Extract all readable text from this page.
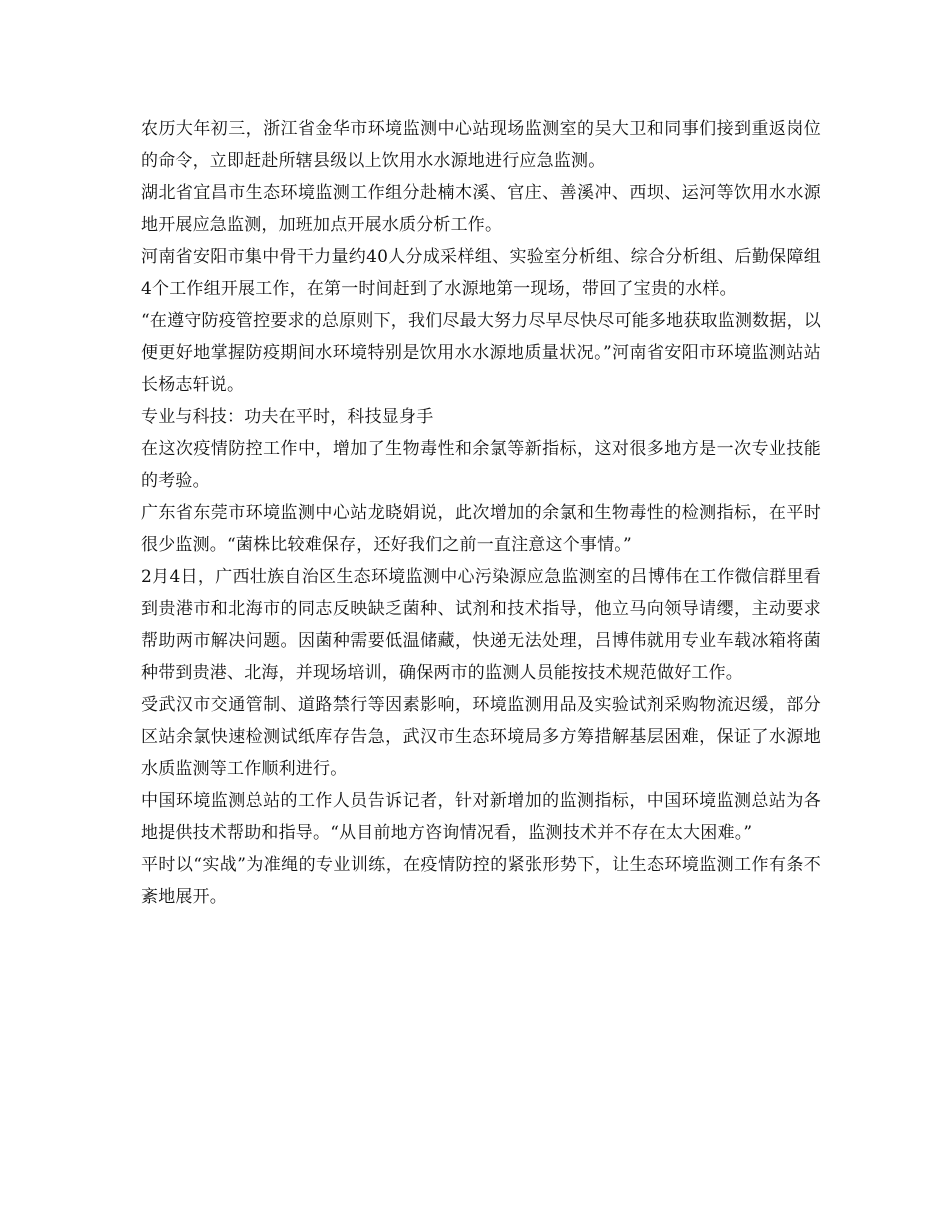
农历大年初三，浙江省金华市环境监测中心站现场监测室的吴大卫和同事们接到重返岗位的命令，立即赶赴所辖县级以上饮用水水源地进行应急监测。

湖北省宜昌市生态环境监测工作组分赴楠木溪、官庄、善溪冲、西坝、运河等饮用水水源地开展应急监测，加班加点开展水质分析工作。

河南省安阳市集中骨干力量约40人分成采样组、实验室分析组、综合分析组、后勤保障组4个工作组开展工作，在第一时间赶到了水源地第一现场，带回了宝贵的水样。

“在遵守防疫管控要求的总原则下，我们尽最大努力尽早尽快尽可能多地获取监测数据，以便更好地掌握防疫期间水环境特别是饮用水水源地质量状况。”河南省安阳市环境监测站站长杨志轩说。

专业与科技：功夫在平时，科技显身手

在这次疫情防控工作中，增加了生物毒性和余氯等新指标，这对很多地方是一次专业技能的考验。

广东省东莞市环境监测中心站龙晓娟说，此次增加的余氯和生物毒性的检测指标，在平时很少监测。“菌株比较难保存，还好我们之前一直注意这个事情。”

2月4日，广西壮族自治区生态环境监测中心污染源应急监测室的吕博伟在工作微信群里看到贵港市和北海市的同志反映缺乏菌种、试剂和技术指导，他立马向领导请缨，主动要求帮助两市解决问题。因菌种需要低温储藏，快递无法处理，吕博伟就用专业车载冰箱将菌种带到贵港、北海，并现场培训，确保两市的监测人员能按技术规范做好工作。

受武汉市交通管制、道路禁行等因素影响，环境监测用品及实验试剂采购物流迟缓，部分区站余氯快速检测试纸库存告急，武汉市生态环境局多方筹措解基层困难，保证了水源地水质监测等工作顺利进行。

中国环境监测总站的工作人员告诉记者，针对新增加的监测指标，中国环境监测总站为各地提供技术帮助和指导。“从目前地方咨询情况看，监测技术并不存在太大困难。”

平时以“实战”为准绳的专业训练，在疫情防控的紧张形势下，让生态环境监测工作有条不紊地展开。
